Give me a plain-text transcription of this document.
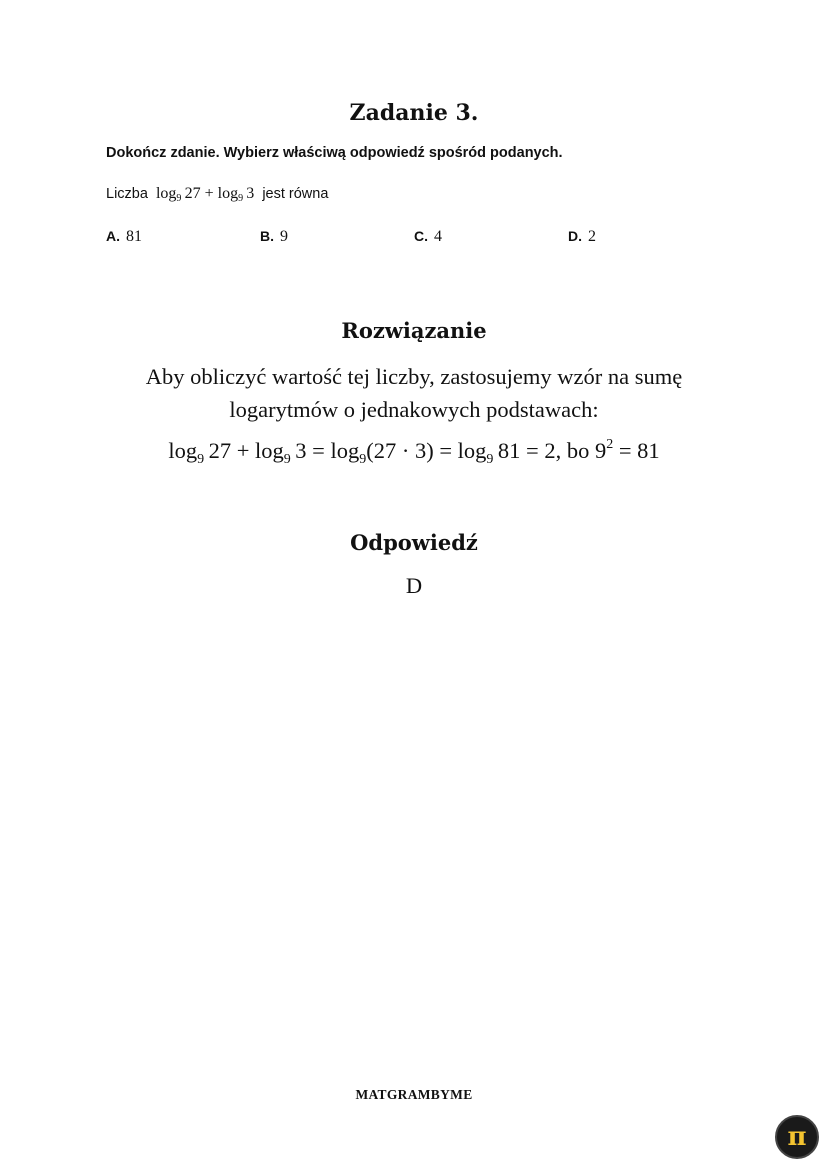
Zadanie 3.
Dokończ zdanie. Wybierz właściwą odpowiedź spośród podanych.
Liczba  $\log_9 27 + \log_9 3$  jest równa
A. 81	B. 9	C. 4	D. 2
Rozwiązanie
Aby obliczyć wartość tej liczby, zastosujemy wzór na sumę
logarytmów o jednakowych podstawach:
$\log_9 27 + \log_9 3 = \log_9(27 \cdot 3) = \log_9 81 = 2$, bo $9^2 = 81$
Odpowiedź
D
MATGRAMBYME
π
